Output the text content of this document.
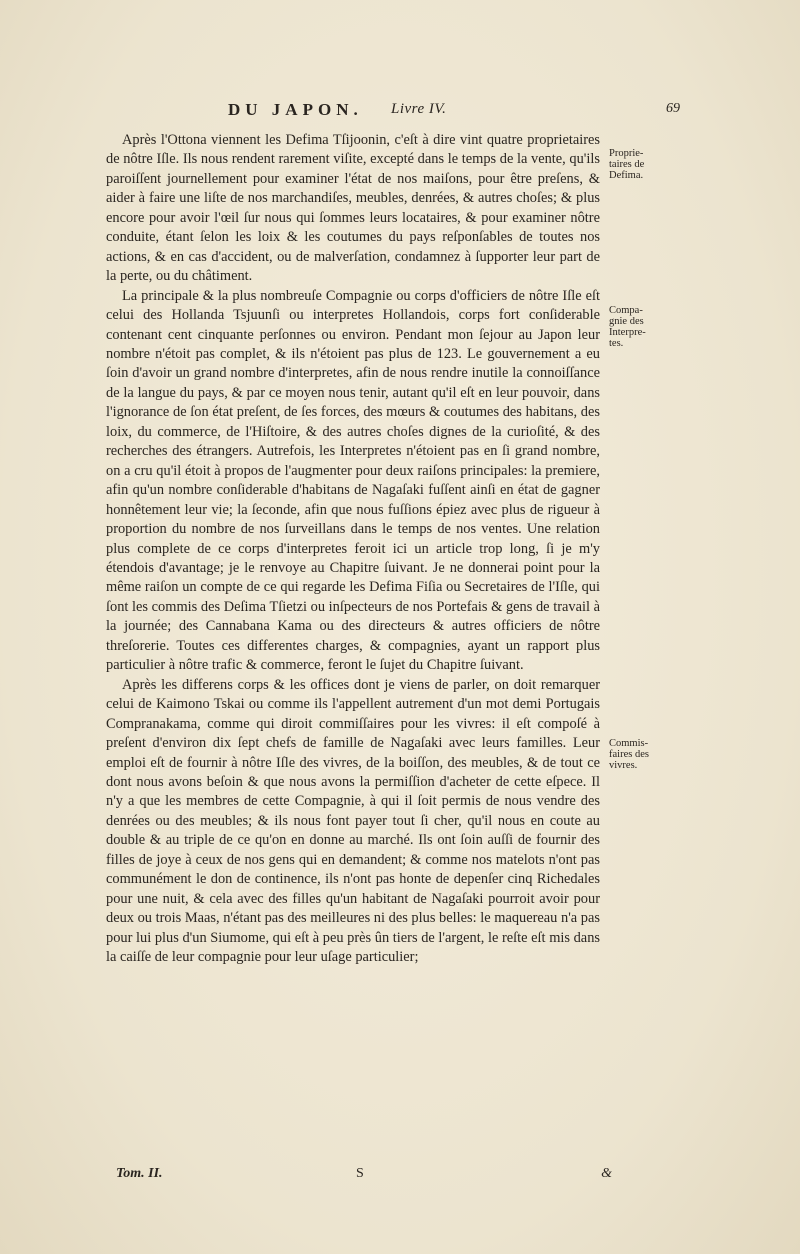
DU JAPON. Livre IV.	69

Après l'Ottona viennent les Defima Tſijoonin, c'eſt à dire vint quatre proprietaires de nôtre Iſle. Ils nous rendent rarement viſite, excepté dans le temps de la vente, qu'ils paroiſſent journellement pour examiner l'état de nos maiſons, pour être preſens, & aider à faire une liſte de nos marchandiſes, meubles, denrées, & autres choſes; & plus encore pour avoir l'œil ſur nous qui ſommes leurs locataires, & pour examiner nôtre conduite, étant ſelon les loix & les coutumes du pays reſponſables de toutes nos actions, & en cas d'accident, ou de malverſation, condamnez à ſupporter leur part de la perte, ou du châtiment.

La principale & la plus nombreuſe Compagnie ou corps d'officiers de nôtre Iſle eſt celui des Hollanda Tsjuunſi ou interpretes Hollandois, corps fort conſiderable contenant cent cinquante perſonnes ou environ. Pendant mon ſejour au Japon leur nombre n'étoit pas complet, & ils n'étoient pas plus de 123. Le gouvernement a eu ſoin d'avoir un grand nombre d'interpretes, afin de nous rendre inutile la connoiſſance de la langue du pays, & par ce moyen nous tenir, autant qu'il eſt en leur pouvoir, dans l'ignorance de ſon état preſent, de ſes forces, des mœurs & coutumes des habitans, des loix, du commerce, de l'Hiſtoire, & des autres choſes dignes de la curioſité, & des recherches des étrangers. Autrefois, les Interpretes n'étoient pas en ſi grand nombre, on a cru qu'il étoit à propos de l'augmenter pour deux raiſons principales: la premiere, afin qu'un nombre conſiderable d'habitans de Nagaſaki fuſſent ainſi en état de gagner honnêtement leur vie; la ſeconde, afin que nous fuſſions épiez avec plus de rigueur à proportion du nombre de nos ſurveillans dans le temps de nos ventes. Une relation plus complete de ce corps d'interpretes feroit ici un article trop long, ſi je m'y étendois d'avantage; je le renvoye au Chapitre ſuivant. Je ne donnerai point pour la même raiſon un compte de ce qui regarde les Defima Fiſia ou Secretaires de l'Iſle, qui ſont les commis des Deſima Tſietzi ou inſpecteurs de nos Portefais & gens de travail à la journée; des Cannabana Kama ou des directeurs & autres officiers de nôtre threſorerie. Toutes ces differentes charges, & compagnies, ayant un rapport plus particulier à nôtre trafic & commerce, feront le ſujet du Chapitre ſuivant.

Après les differens corps & les offices dont je viens de parler, on doit remarquer celui de Kaimono Tskai ou comme ils l'appellent autrement d'un mot demi Portugais Compranakama, comme qui diroit commiſſaires pour les vivres: il eſt compoſé à preſent d'environ dix ſept chefs de famille de Nagaſaki avec leurs familles. Leur emploi eſt de fournir à nôtre Iſle des vivres, de la boiſſon, des meubles, & de tout ce dont nous avons beſoin & que nous avons la permiſſion d'acheter de cette eſpece. Il n'y a que les membres de cette Compagnie, à qui il ſoit permis de nous vendre des denrées ou des meubles; & ils nous font payer tout ſi cher, qu'il nous en coute au double & au triple de ce qu'on en donne au marché. Ils ont ſoin auſſi de fournir des filles de joye à ceux de nos gens qui en demandent; & comme nos matelots n'ont pas communément le don de continence, ils n'ont pas honte de depenſer cinq Richedales pour une nuit, & cela avec des filles qu'un habitant de Nagaſaki pourroit avoir pour deux ou trois Maas, n'étant pas des meilleures ni des plus belles: le maquereau n'a pas pour lui plus d'un Siumome, qui eſt à peu près ûn tiers de l'argent, le reſte eſt mis dans la caiſſe de leur compagnie pour leur uſage particulier;

Proprie-
taires de
Defima.
Compa-
gnie des
Interpre-
tes.
Commis-
faires des
vivres.
Tom. II.	S	&
